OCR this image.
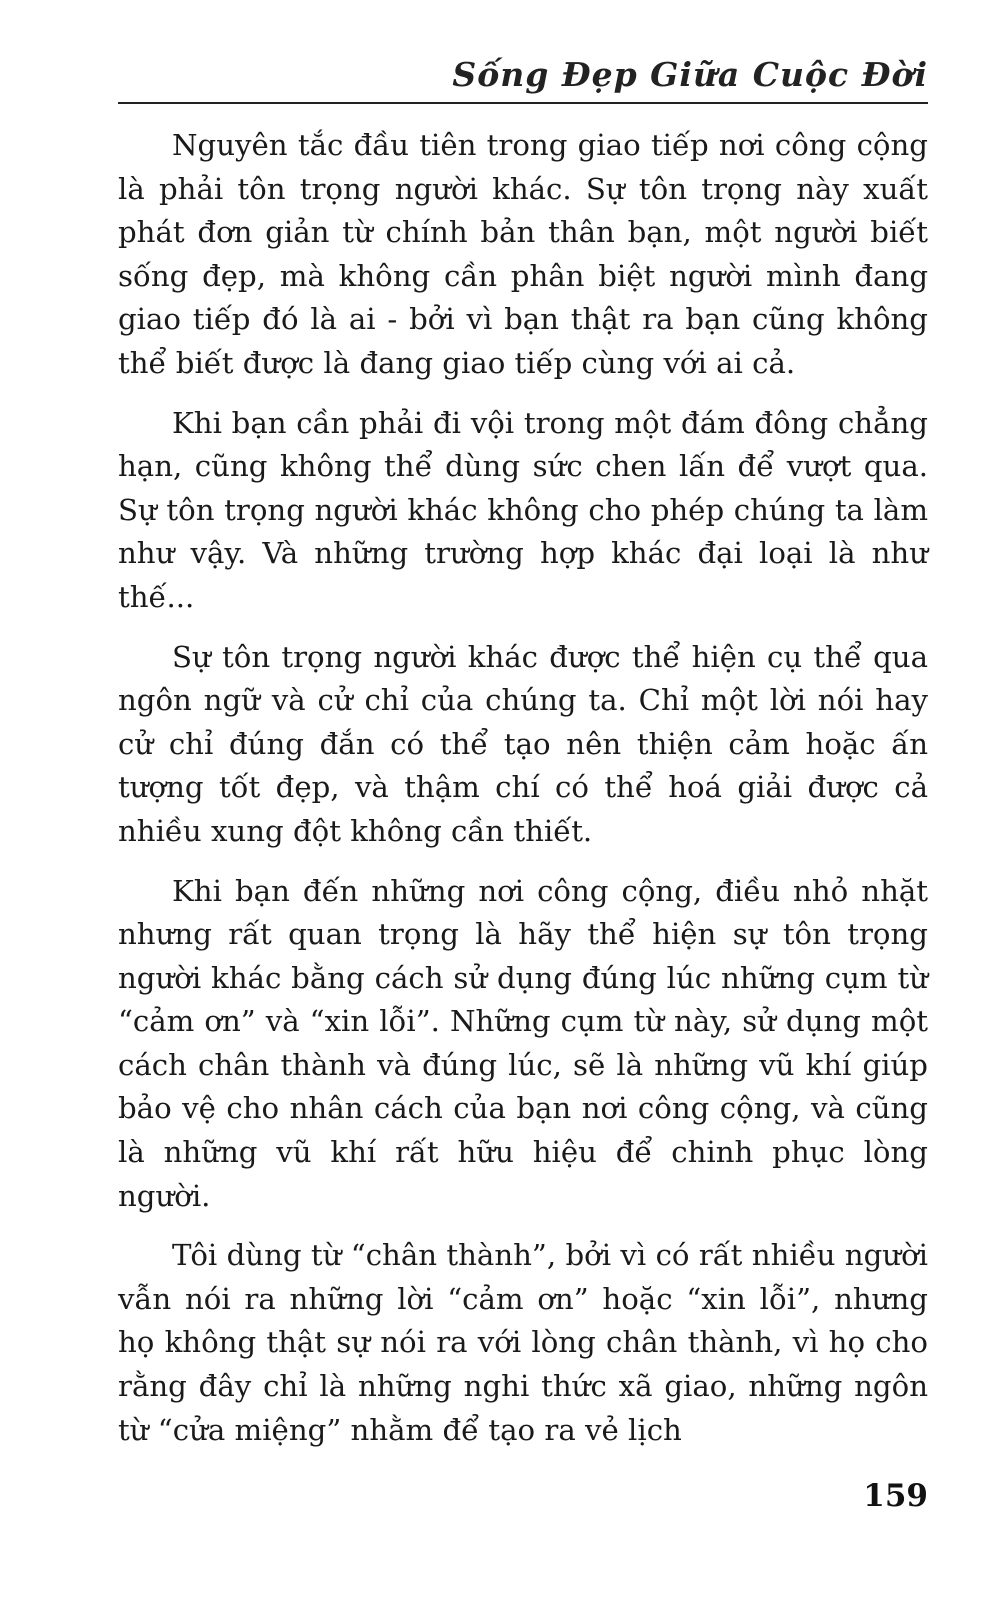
Sống Đẹp Giữa Cuộc Đời

Nguyên tắc đầu tiên trong giao tiếp nơi công cộng là phải tôn trọng người khác. Sự tôn trọng này xuất phát đơn giản từ chính bản thân bạn, một người biết sống đẹp, mà không cần phân biệt người mình đang giao tiếp đó là ai - bởi vì bạn thật ra bạn cũng không thể biết được là đang giao tiếp cùng với ai cả.

Khi bạn cần phải đi vội trong một đám đông chẳng hạn, cũng không thể dùng sức chen lấn để vượt qua. Sự tôn trọng người khác không cho phép chúng ta làm như vậy. Và những trường hợp khác đại loại là như thế...

Sự tôn trọng người khác được thể hiện cụ thể qua ngôn ngữ và cử chỉ của chúng ta. Chỉ một lời nói hay cử chỉ đúng đắn có thể tạo nên thiện cảm hoặc ấn tượng tốt đẹp, và thậm chí có thể hoá giải được cả nhiều xung đột không cần thiết.

Khi bạn đến những nơi công cộng, điều nhỏ nhặt nhưng rất quan trọng là hãy thể hiện sự tôn trọng người khác bằng cách sử dụng đúng lúc những cụm từ “cảm ơn” và “xin lỗi”. Những cụm từ này, sử dụng một cách chân thành và đúng lúc, sẽ là những vũ khí giúp bảo vệ cho nhân cách của bạn nơi công cộng, và cũng là những vũ khí rất hữu hiệu để chinh phục lòng người.

Tôi dùng từ “chân thành”, bởi vì có rất nhiều người vẫn nói ra những lời “cảm ơn” hoặc “xin lỗi”, nhưng họ không thật sự nói ra với lòng chân thành, vì họ cho rằng đây chỉ là những nghi thức xã giao, những ngôn từ “cửa miệng” nhằm để tạo ra vẻ lịch

159
